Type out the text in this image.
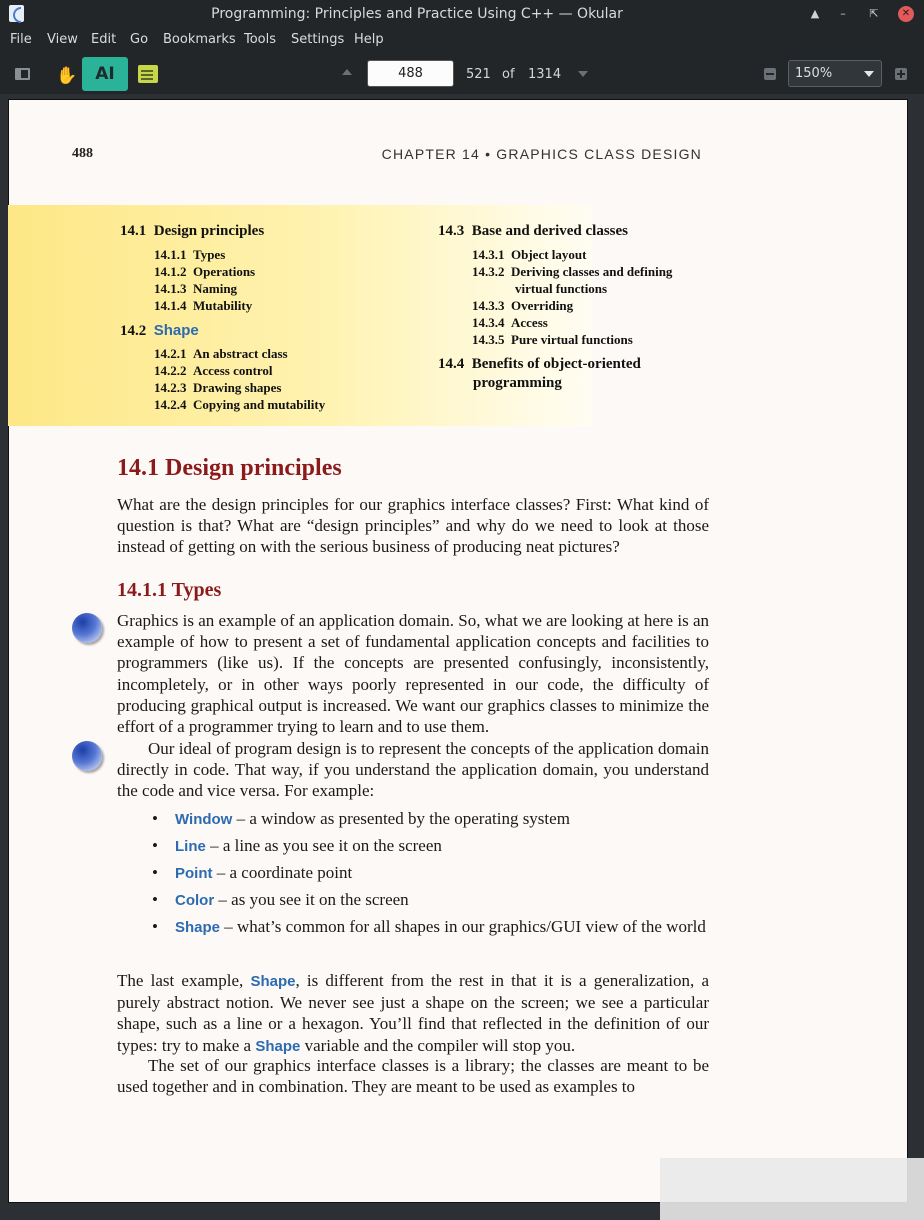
Programming: Principles and Practice Using C++ — Okular	▲	–	⇱	✕
File View Edit Go Bookmarks Tools Settings Help
✋	AI	488	521 of 1314	150%
488	CHAPTER 14 • GRAPHICS CLASS DESIGN
14.1 Design principles
14.1.1 Types
14.1.2 Operations
14.1.3 Naming
14.1.4 Mutability
14.2 Shape
14.2.1 An abstract class
14.2.2 Access control
14.2.3 Drawing shapes
14.2.4 Copying and mutability
14.3 Base and derived classes
14.3.1 Object layout
14.3.2 Deriving classes and defining
virtual functions
14.3.3 Overriding
14.3.4 Access
14.3.5 Pure virtual functions
14.4 Benefits of object-oriented
programming
14.1 Design principles
What are the design principles for our graphics interface classes? First: What kind of question is that? What are “design principles” and why do we need to look at those instead of getting on with the serious business of producing neat pictures?
14.1.1 Types
Graphics is an example of an application domain. So, what we are looking at here is an example of how to present a set of fundamental application concepts and facilities to programmers (like us). If the concepts are presented confusingly, inconsistently, incompletely, or in other ways poorly represented in our code, the difficulty of producing graphical output is increased. We want our graphics classes to minimize the effort of a programmer trying to learn and to use them.
Our ideal of program design is to represent the concepts of the application domain directly in code. That way, if you understand the application domain, you understand the code and vice versa. For example:
• Window – a window as presented by the operating system
• Line – a line as you see it on the screen
• Point – a coordinate point
• Color – as you see it on the screen
• Shape – what’s common for all shapes in our graphics/GUI view of the world
The last example, Shape, is different from the rest in that it is a generalization, a purely abstract notion. We never see just a shape on the screen; we see a particular shape, such as a line or a hexagon. You’ll find that reflected in the definition of our types: try to make a Shape variable and the compiler will stop you.
The set of our graphics interface classes is a library; the classes are meant to be used together and in combination. They are meant to be used as examples to
